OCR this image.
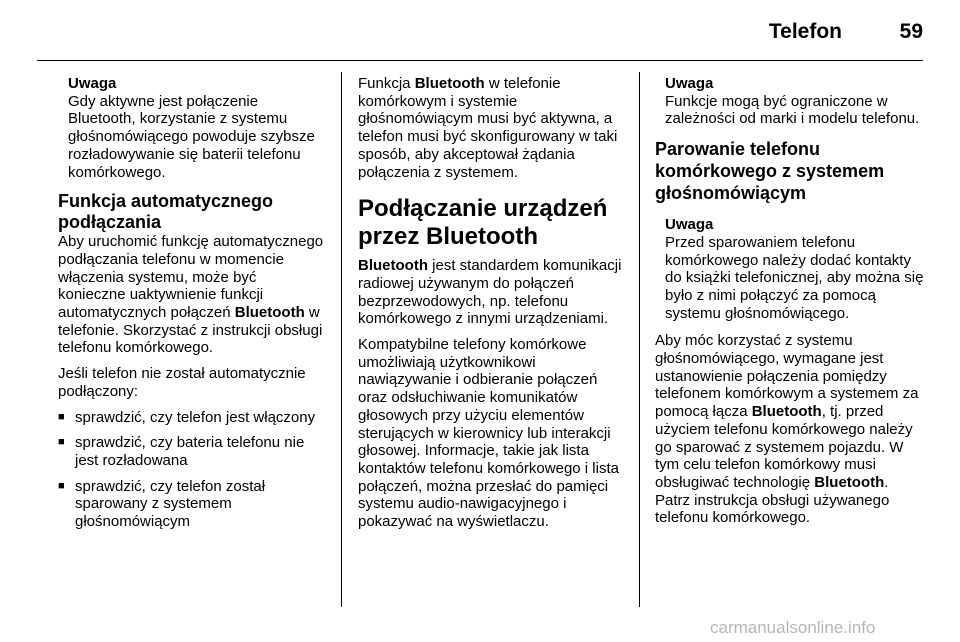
Telefon	59
Uwaga

Gdy aktywne jest połączenie Bluetooth, korzystanie z systemu głośnomówiącego powoduje szybsze rozładowywanie się baterii telefonu komórkowego.

Funkcja automatycznego podłączania

Aby uruchomić funkcję automatycznego podłączania telefonu w momencie włączenia systemu, może być konieczne uaktywnienie funkcji automatycznych połączeń Bluetooth w telefonie. Skorzystać z instrukcji obsługi telefonu komórkowego.

Jeśli telefon nie został automatycznie podłączony:

■ sprawdzić, czy telefon jest włączony
■ sprawdzić, czy bateria telefonu nie jest rozładowana
■ sprawdzić, czy telefon został sparowany z systemem głośnomówiącym

Funkcja Bluetooth w telefonie komórkowym i systemie głośnomówiącym musi być aktywna, a telefon musi być skonfigurowany w taki sposób, aby akceptował żądania połączenia z systemem.

Podłączanie urządzeń przez Bluetooth

Bluetooth jest standardem komunikacji radiowej używanym do połączeń bezprzewodowych, np. telefonu komórkowego z innymi urządzeniami.

Kompatybilne telefony komórkowe umożliwiają użytkownikowi nawiązywanie i odbieranie połączeń oraz odsłuchiwanie komunikatów głosowych przy użyciu elementów sterujących w kierownicy lub interakcji głosowej. Informacje, takie jak lista kontaktów telefonu komórkowego i lista połączeń, można przesłać do pamięci systemu audio-nawigacyjnego i pokazywać na wyświetlaczu.

Uwaga

Funkcje mogą być ograniczone w zależności od marki i modelu telefonu.

Parowanie telefonu komórkowego z systemem głośnomówiącym
Uwaga

Przed sparowaniem telefonu komórkowego należy dodać kontakty do książki telefonicznej, aby można się było z nimi połączyć za pomocą systemu głośnomówiącego.

Aby móc korzystać z systemu głośnomówiącego, wymagane jest ustanowienie połączenia pomiędzy telefonem komórkowym a systemem za pomocą łącza Bluetooth, tj. przed użyciem telefonu komórkowego należy go sparować z systemem pojazdu. W tym celu telefon komórkowy musi obsługiwać technologię Bluetooth. Patrz instrukcja obsługi używanego telefonu komórkowego.

carmanualsonline.info
